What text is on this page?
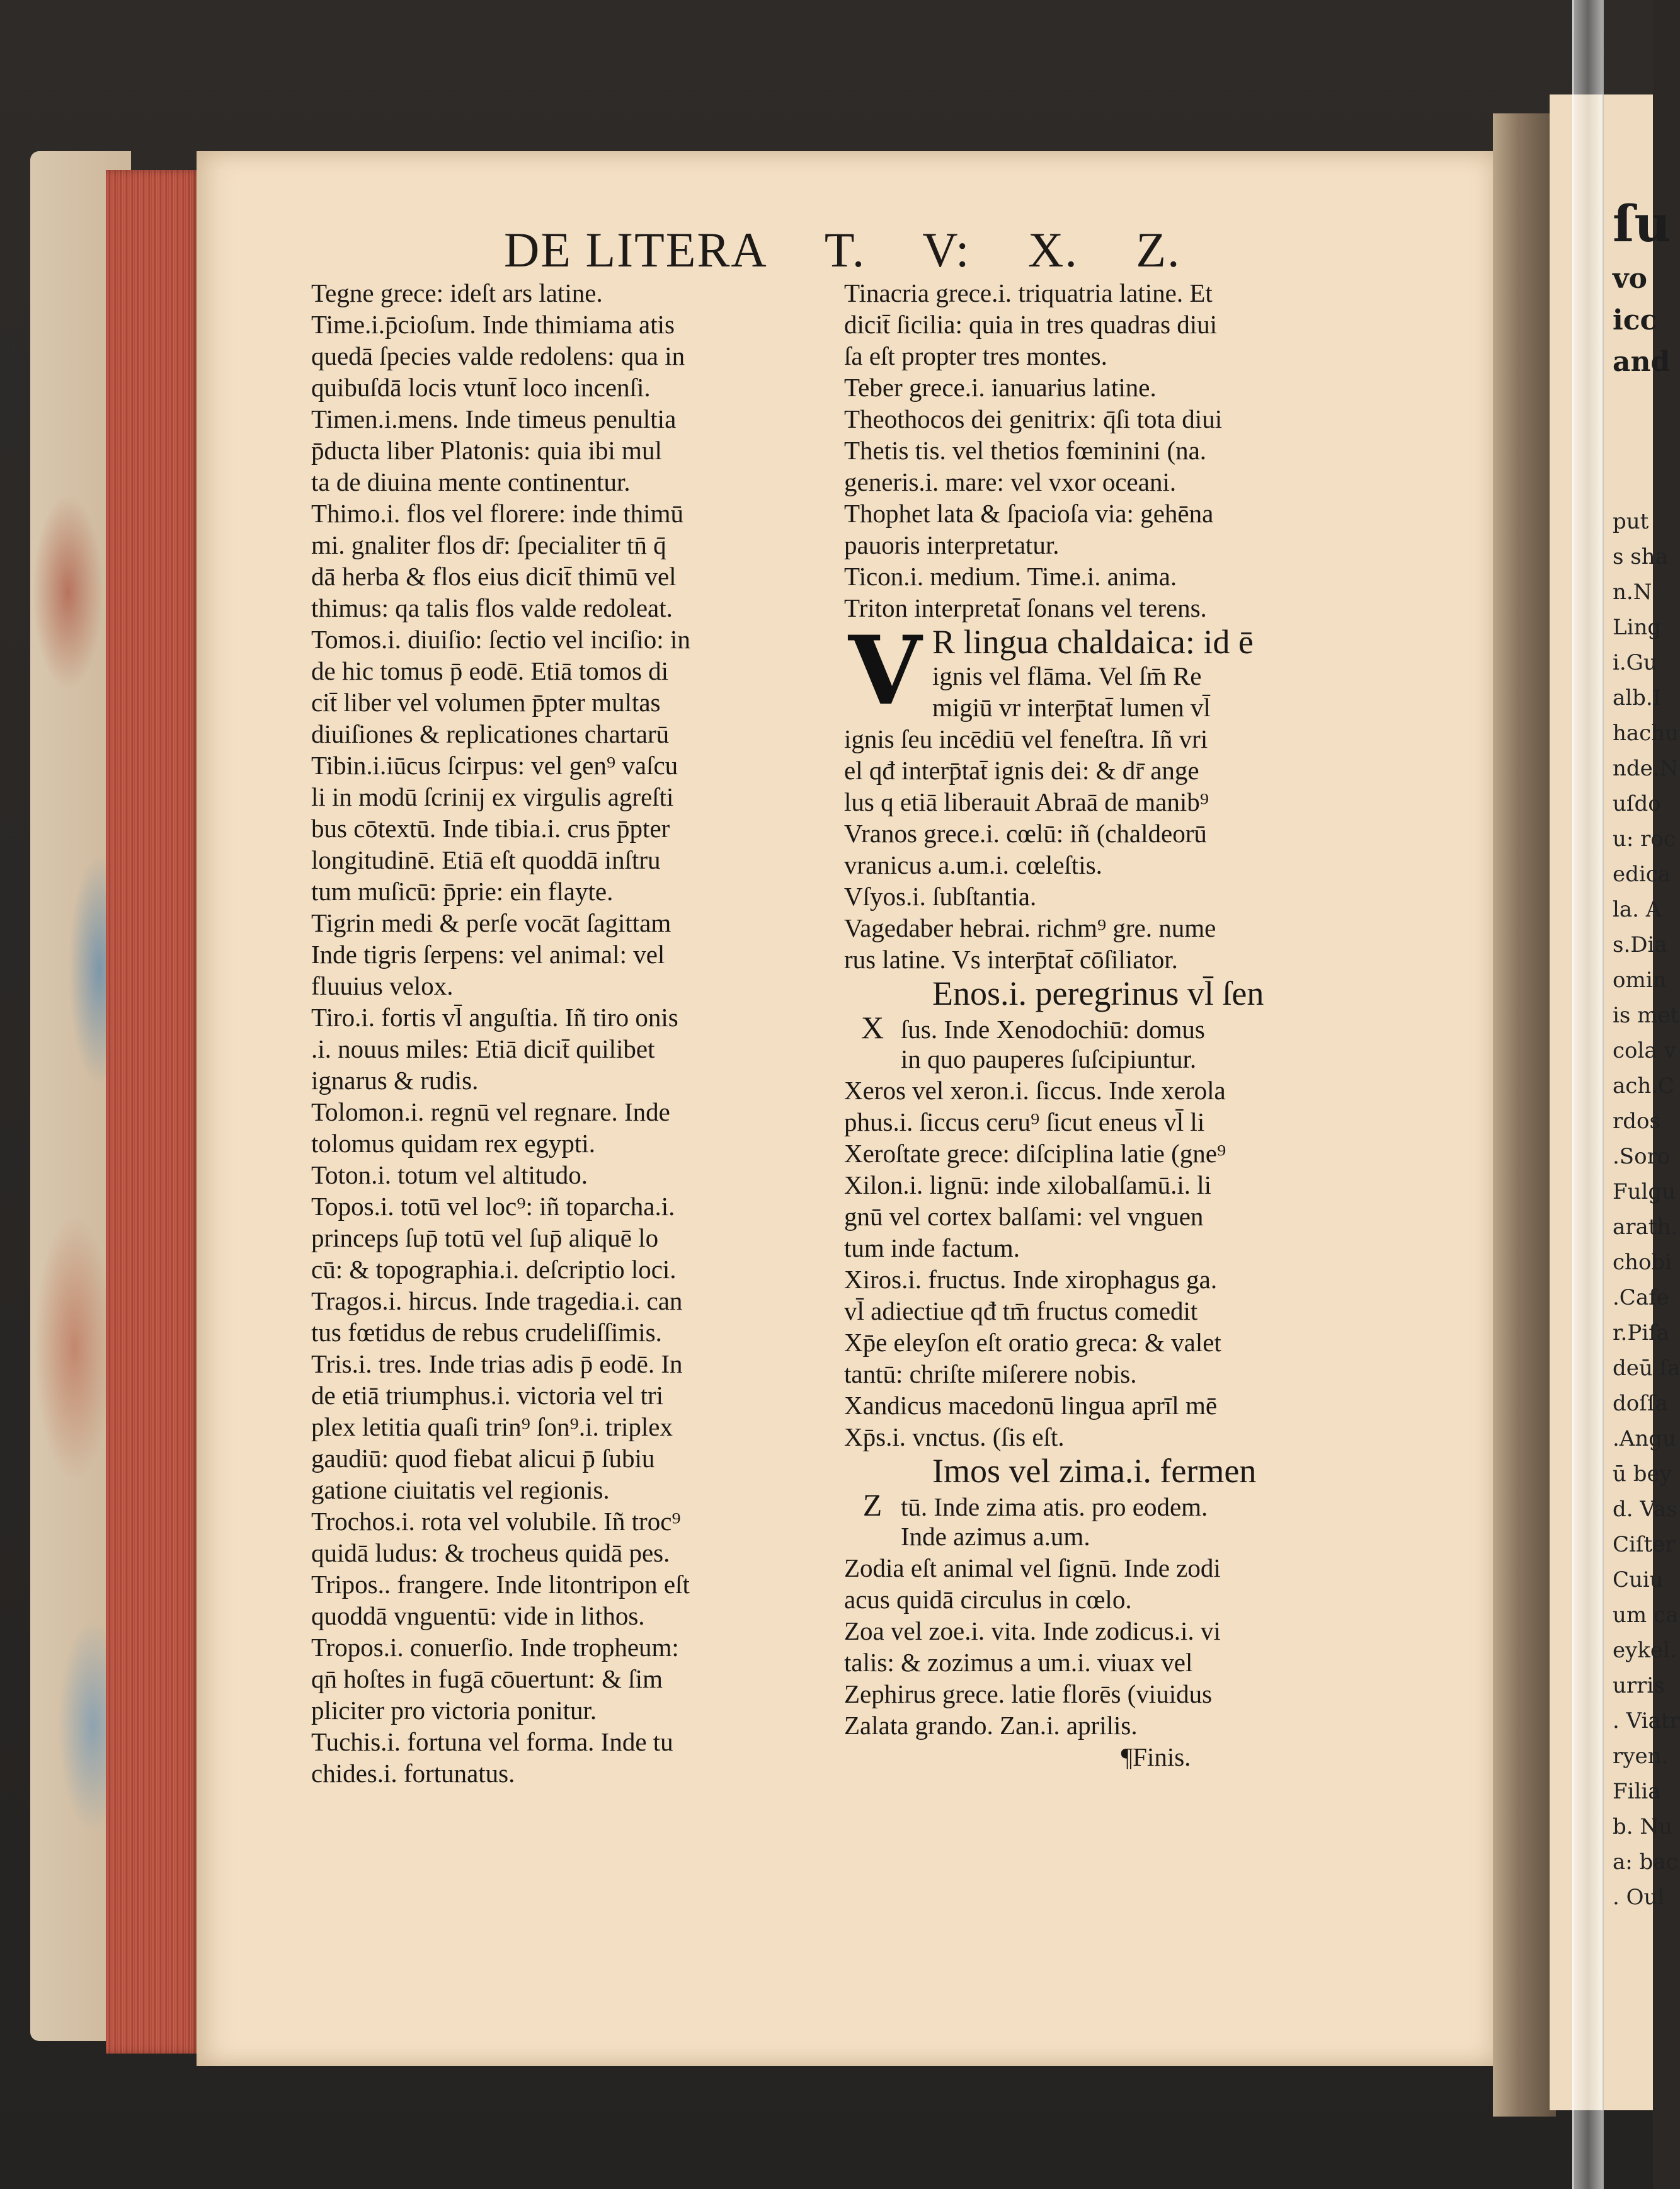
DE LITERA T. V: X. Z.
Tegne grece: ideſt ars latine.
Time.i.p̄cioſum. Inde thimiama atis
quedā ſpecies valde redolens: qua in
quibuſdā locis vtunt̄ loco incenſi.
Timen.i.mens. Inde timeus penultia
p̄ducta liber Platonis: quia ibi mul
ta de diuina mente continentur.
Thimo.i. flos vel florere: inde thimū
mi. gnaliter flos dr̄: ſpecialiter tn̄ q̄
dā herba & flos eius dicit̄ thimū vel
thimus: qa talis flos valde redoleat.
Tomos.i. diuiſio: ſectio vel inciſio: in
de hic tomus p̄ eodē. Etiā tomos di
cit̄ liber vel volumen p̄pter multas
diuiſiones & replicationes chartarū
Tibin.i.iūcus ſcirpus: vel gen⁹ vaſcu
li in modū ſcrinij ex virgulis agreſti
bus cōtextū. Inde tibia.i. crus p̄pter
longitudinē. Etiā eſt quoddā inſtru
tum muſicū: p̄prie: ein flayte.
Tigrin medi & perſe vocāt ſagittam
Inde tigris ſerpens: vel animal: vel
fluuius velox.
Tiro.i. fortis vl̄ anguſtia. Iñ tiro onis
.i. nouus miles: Etiā dicit̄ quilibet
ignarus & rudis.
Tolomon.i. regnū vel regnare. Inde
tolomus quidam rex egypti.
Toton.i. totum vel altitudo.
Topos.i. totū vel loc⁹: iñ toparcha.i.
princeps ſup̄ totū vel ſup̄ aliquē lo
cū: & topographia.i. deſcriptio loci.
Tragos.i. hircus. Inde tragedia.i. can
tus fœtidus de rebus crudeliſſimis.
Tris.i. tres. Inde trias adis p̄ eodē. In
de etiā triumphus.i. victoria vel tri
plex letitia quaſi trin⁹ ſon⁹.i. triplex
gaudiū: quod fiebat alicui p̄ ſubiu
gatione ciuitatis vel regionis.
Trochos.i. rota vel volubile. Iñ troc⁹
quidā ludus: & trocheus quidā pes.
Tripos.. frangere. Inde litontripon eſt
quoddā vnguentū: vide in lithos.
Tropos.i. conuerſio. Inde tropheum:
qn̄ hoſtes in fugā cōuertunt: & ſim
pliciter pro victoria ponitur.
Tuchis.i. fortuna vel forma. Inde tu
chides.i. fortunatus.
Tinacria grece.i. triquatria latine. Et
dicit̄ ſicilia: quia in tres quadras diui
ſa eſt propter tres montes.
Teber grece.i. ianuarius latine.
Theothocos dei genitrix: q̄ſi tota diui
Thetis tis. vel thetios fœminini (na.
generis.i. mare: vel vxor oceani.
Thophet lata & ſpacioſa via: gehēna
pauoris interpretatur.
Ticon.i. medium. Time.i. anima.
Triton interpretat̄ ſonans vel terens.
V R lingua chaldaica: id ē
ignis vel flāma. Vel ſm̄ Re
migiū vr interp̄tat̄ lumen vl̄
ignis ſeu incēdiū vel feneſtra. Iñ vri
el qđ interp̄tat̄ ignis dei: & dr̄ ange
lus q etiā liberauit Abraā de manib⁹
Vranos grece.i. cœlū: iñ (chaldeorū
vranicus a.um.i. cœleſtis.
Vſyos.i. ſubſtantia.
Vagedaber hebrai. richm⁹ gre. nume
rus latine. Vs interp̄tat̄ cōſiliator.
Enos.i. peregrinus vl̄ ſen
X ſus. Inde Xenodochiū: domus
in quo pauperes ſuſcipiuntur.
Xeros vel xeron.i. ſiccus. Inde xerola
phus.i. ſiccus ceru⁹ ſicut eneus vl̄ li
Xeroſtate grece: diſciplina latie (gne⁹
Xilon.i. lignū: inde xilobalſamū.i. li
gnū vel cortex balſami: vel vnguen
tum inde factum.
Xiros.i. fructus. Inde xirophagus ga.
vl̄ adiectiue qđ tm̄ fructus comedit
Xp̄e eleyſon eſt oratio greca: & valet
tantū: chriſte miſerere nobis.
Xandicus macedonū lingua aprīl mē
Xp̄s.i. vnctus. (ſis eſt.
Imos vel zima.i. fermen
Z tū. Inde zima atis. pro eodem.
Inde azimus a.um.
Zodia eſt animal vel ſignū. Inde zodi
acus quidā circulus in cœlo.
Zoa vel zoe.i. vita. Inde zodicus.i. vi
talis: & zozimus a um.i. viuax vel
Zephirus grece. latie florēs (viuidus
Zalata grando. Zan.i. aprilis.
¶Finis.
put
s sha
n.N
Ling
i.Gu
alb.I
hachu
nde.N
uſdo
u: roc
edica
la. A
s.Dia
omin
is met
cola v
ach.C
rdos
.Soro
Fulgu
arath.
chobi
.Cafe
r.Piſa
deū ſa
doſſa
.Angu
ū bey
d. Vas
Ciſter
Cuiu
um ca
eykel.
urris
. Viatr
ryen.
Filia
b. Nu
a: bac
. Oul
ſu
vo
icc
and
